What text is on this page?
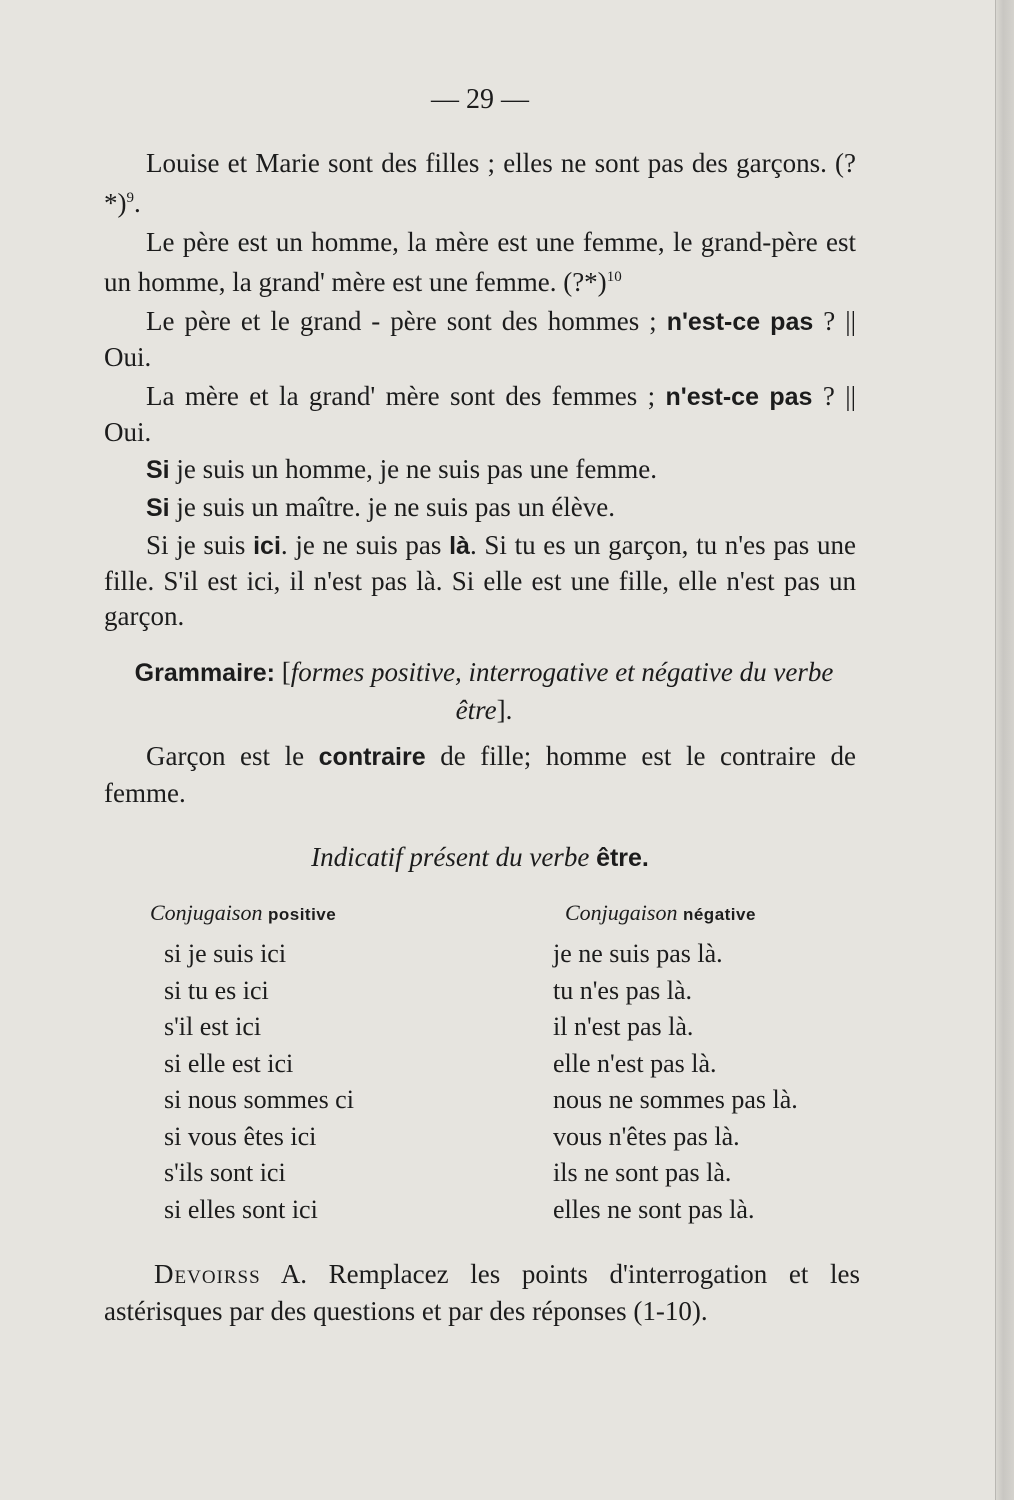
— 29 —

Louise et Marie sont des filles ; elles ne sont pas des garçons. (?*)$^9$.

Le père est un homme, la mère est une femme, le grand-père est un homme, la grand' mère est une femme. (?*)$^{10}$

Le père et le grand - père sont des hommes ; n'est-ce pas ? || Oui.

La mère et la grand' mère sont des femmes ; n'est-ce pas ? || Oui.

Si je suis un homme, je ne suis pas une femme.

Si je suis un maître. je ne suis pas un élève.

Si je suis ici. je ne suis pas là. Si tu es un garçon, tu n'es pas une fille. S'il est ici, il n'est pas là. Si elle est une fille, elle n'est pas un garçon.

Grammaire: [formes positive, interrogative et négative du verbe être].
Garçon est le contraire de fille; homme est le contraire de femme.
Indicatif présent du verbe être.
Conjugaison positive
si je suis ici
si tu es ici
s'il est ici
si elle est ici
si nous sommes ci
si vous êtes ici
s'ils sont ici
si elles sont ici
Conjugaison négative
je ne suis pas là.
tu n'es pas là.
il n'est pas là.
elle n'est pas là.
nous ne sommes pas là.
vous n'êtes pas là.
ils ne sont pas là.
elles ne sont pas là.
Devoirss A. Remplacez les points d'interrogation et les astérisques par des questions et par des réponses (1-10).
